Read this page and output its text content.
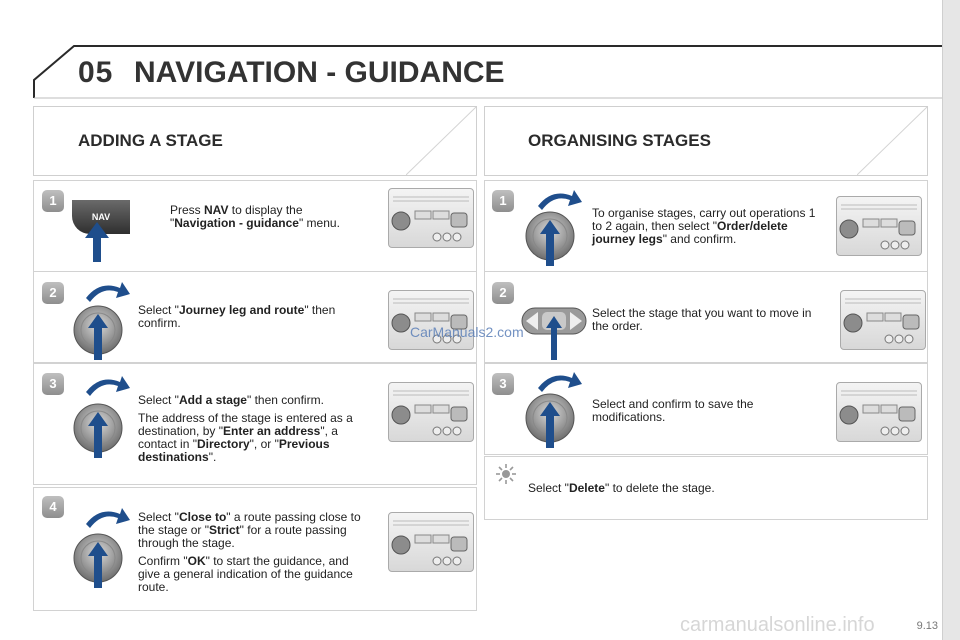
05 NAVIGATION - GUIDANCE
ADDING A STAGE
1
NAV	Press NAV to display the "Navigation - guidance" menu.

2

Select "Journey leg and route" then confirm.

3

Select "Add a stage" then confirm.

The address of the stage is entered as a destination, by "Enter an address", a contact in "Directory", or "Previous destinations".

4

Select "Close to" a route passing close to the stage or "Strict" for a route passing through the stage.

Confirm "OK" to start the guidance, and give a general indication of the guidance route.

ORGANISING STAGES
1

To organise stages, carry out operations 1 to 2 again, then select "Order/delete journey legs" and confirm.

2

Select the stage that you want to move in the order.

3

Select and confirm to save the modifications.

Select "Delete" to delete the stage.

CarManuals2.com
carmanualsonline.info	9.13
